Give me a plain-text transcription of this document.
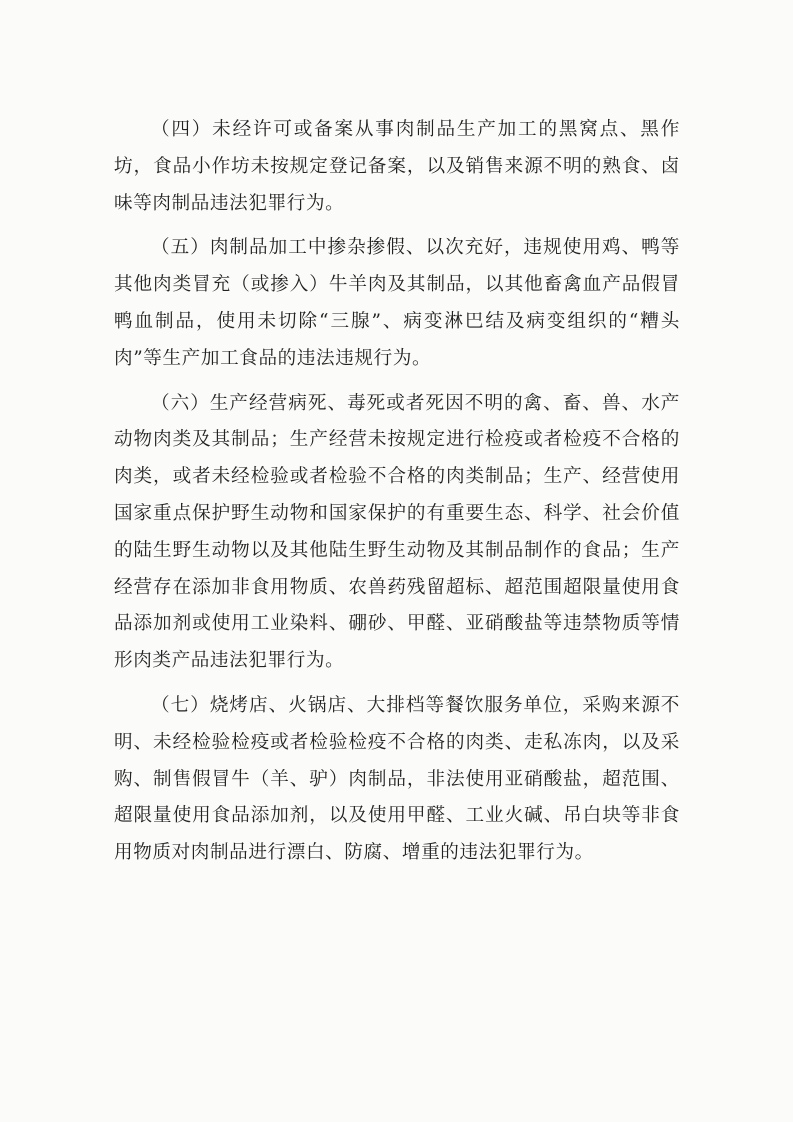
（四）未经许可或备案从事肉制品生产加工的黑窝点、黑作坊，食品小作坊未按规定登记备案，以及销售来源不明的熟食、卤味等肉制品违法犯罪行为。

（五）肉制品加工中掺杂掺假、以次充好，违规使用鸡、鸭等其他肉类冒充（或掺入）牛羊肉及其制品，以其他畜禽血产品假冒鸭血制品，使用未切除“三腺”、病变淋巴结及病变组织的“糟头肉”等生产加工食品的违法违规行为。

（六）生产经营病死、毒死或者死因不明的禽、畜、兽、水产动物肉类及其制品；生产经营未按规定进行检疫或者检疫不合格的肉类，或者未经检验或者检验不合格的肉类制品；生产、经营使用国家重点保护野生动物和国家保护的有重要生态、科学、社会价值的陆生野生动物以及其他陆生野生动物及其制品制作的食品；生产经营存在添加非食用物质、农兽药残留超标、超范围超限量使用食品添加剂或使用工业染料、硼砂、甲醛、亚硝酸盐等违禁物质等情形肉类产品违法犯罪行为。

（七）烧烤店、火锅店、大排档等餐饮服务单位，采购来源不明、未经检验检疫或者检验检疫不合格的肉类、走私冻肉，以及采购、制售假冒牛（羊、驴）肉制品，非法使用亚硝酸盐，超范围、超限量使用食品添加剂，以及使用甲醛、工业火碱、吊白块等非食用物质对肉制品进行漂白、防腐、增重的违法犯罪行为。
